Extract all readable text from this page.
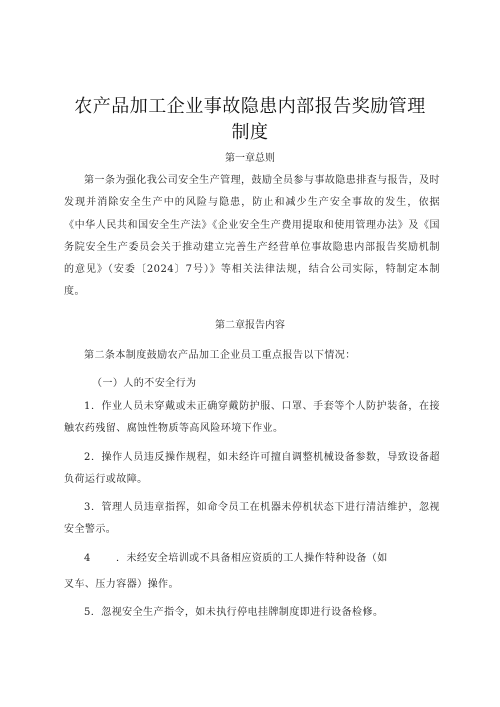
农产品加工企业事故隐患内部报告奖励管理制度
第一章总则

第一条为强化我公司安全生产管理，鼓励全员参与事故隐患排查与报告，及时发现并消除安全生产中的风险与隐患，防止和减少生产安全事故的发生，依据《中华人民共和国安全生产法》《企业安全生产费用提取和使用管理办法》及《国务院安全生产委员会关于推动建立完善生产经营单位事故隐患内部报告奖励机制的意见》（安委〔2024〕7号）》等相关法律法规，结合公司实际，特制定本制度。

第二章报告内容

第二条本制度鼓励农产品加工企业员工重点报告以下情况：

（一）人的不安全行为

1．作业人员未穿戴或未正确穿戴防护服、口罩、手套等个人防护装备，在接触农药残留、腐蚀性物质等高风险环境下作业。

2．操作人员违反操作规程，如未经许可擅自调整机械设备参数，导致设备超负荷运行或故障。

3．管理人员违章指挥，如命令员工在机器未停机状态下进行清洁维护，忽视安全警示。

4	．未经安全培训或不具备相应资质的工人操作特种设备（如

叉车、压力容器）操作。

5．忽视安全生产指令，如未执行停电挂牌制度即进行设备检修。
